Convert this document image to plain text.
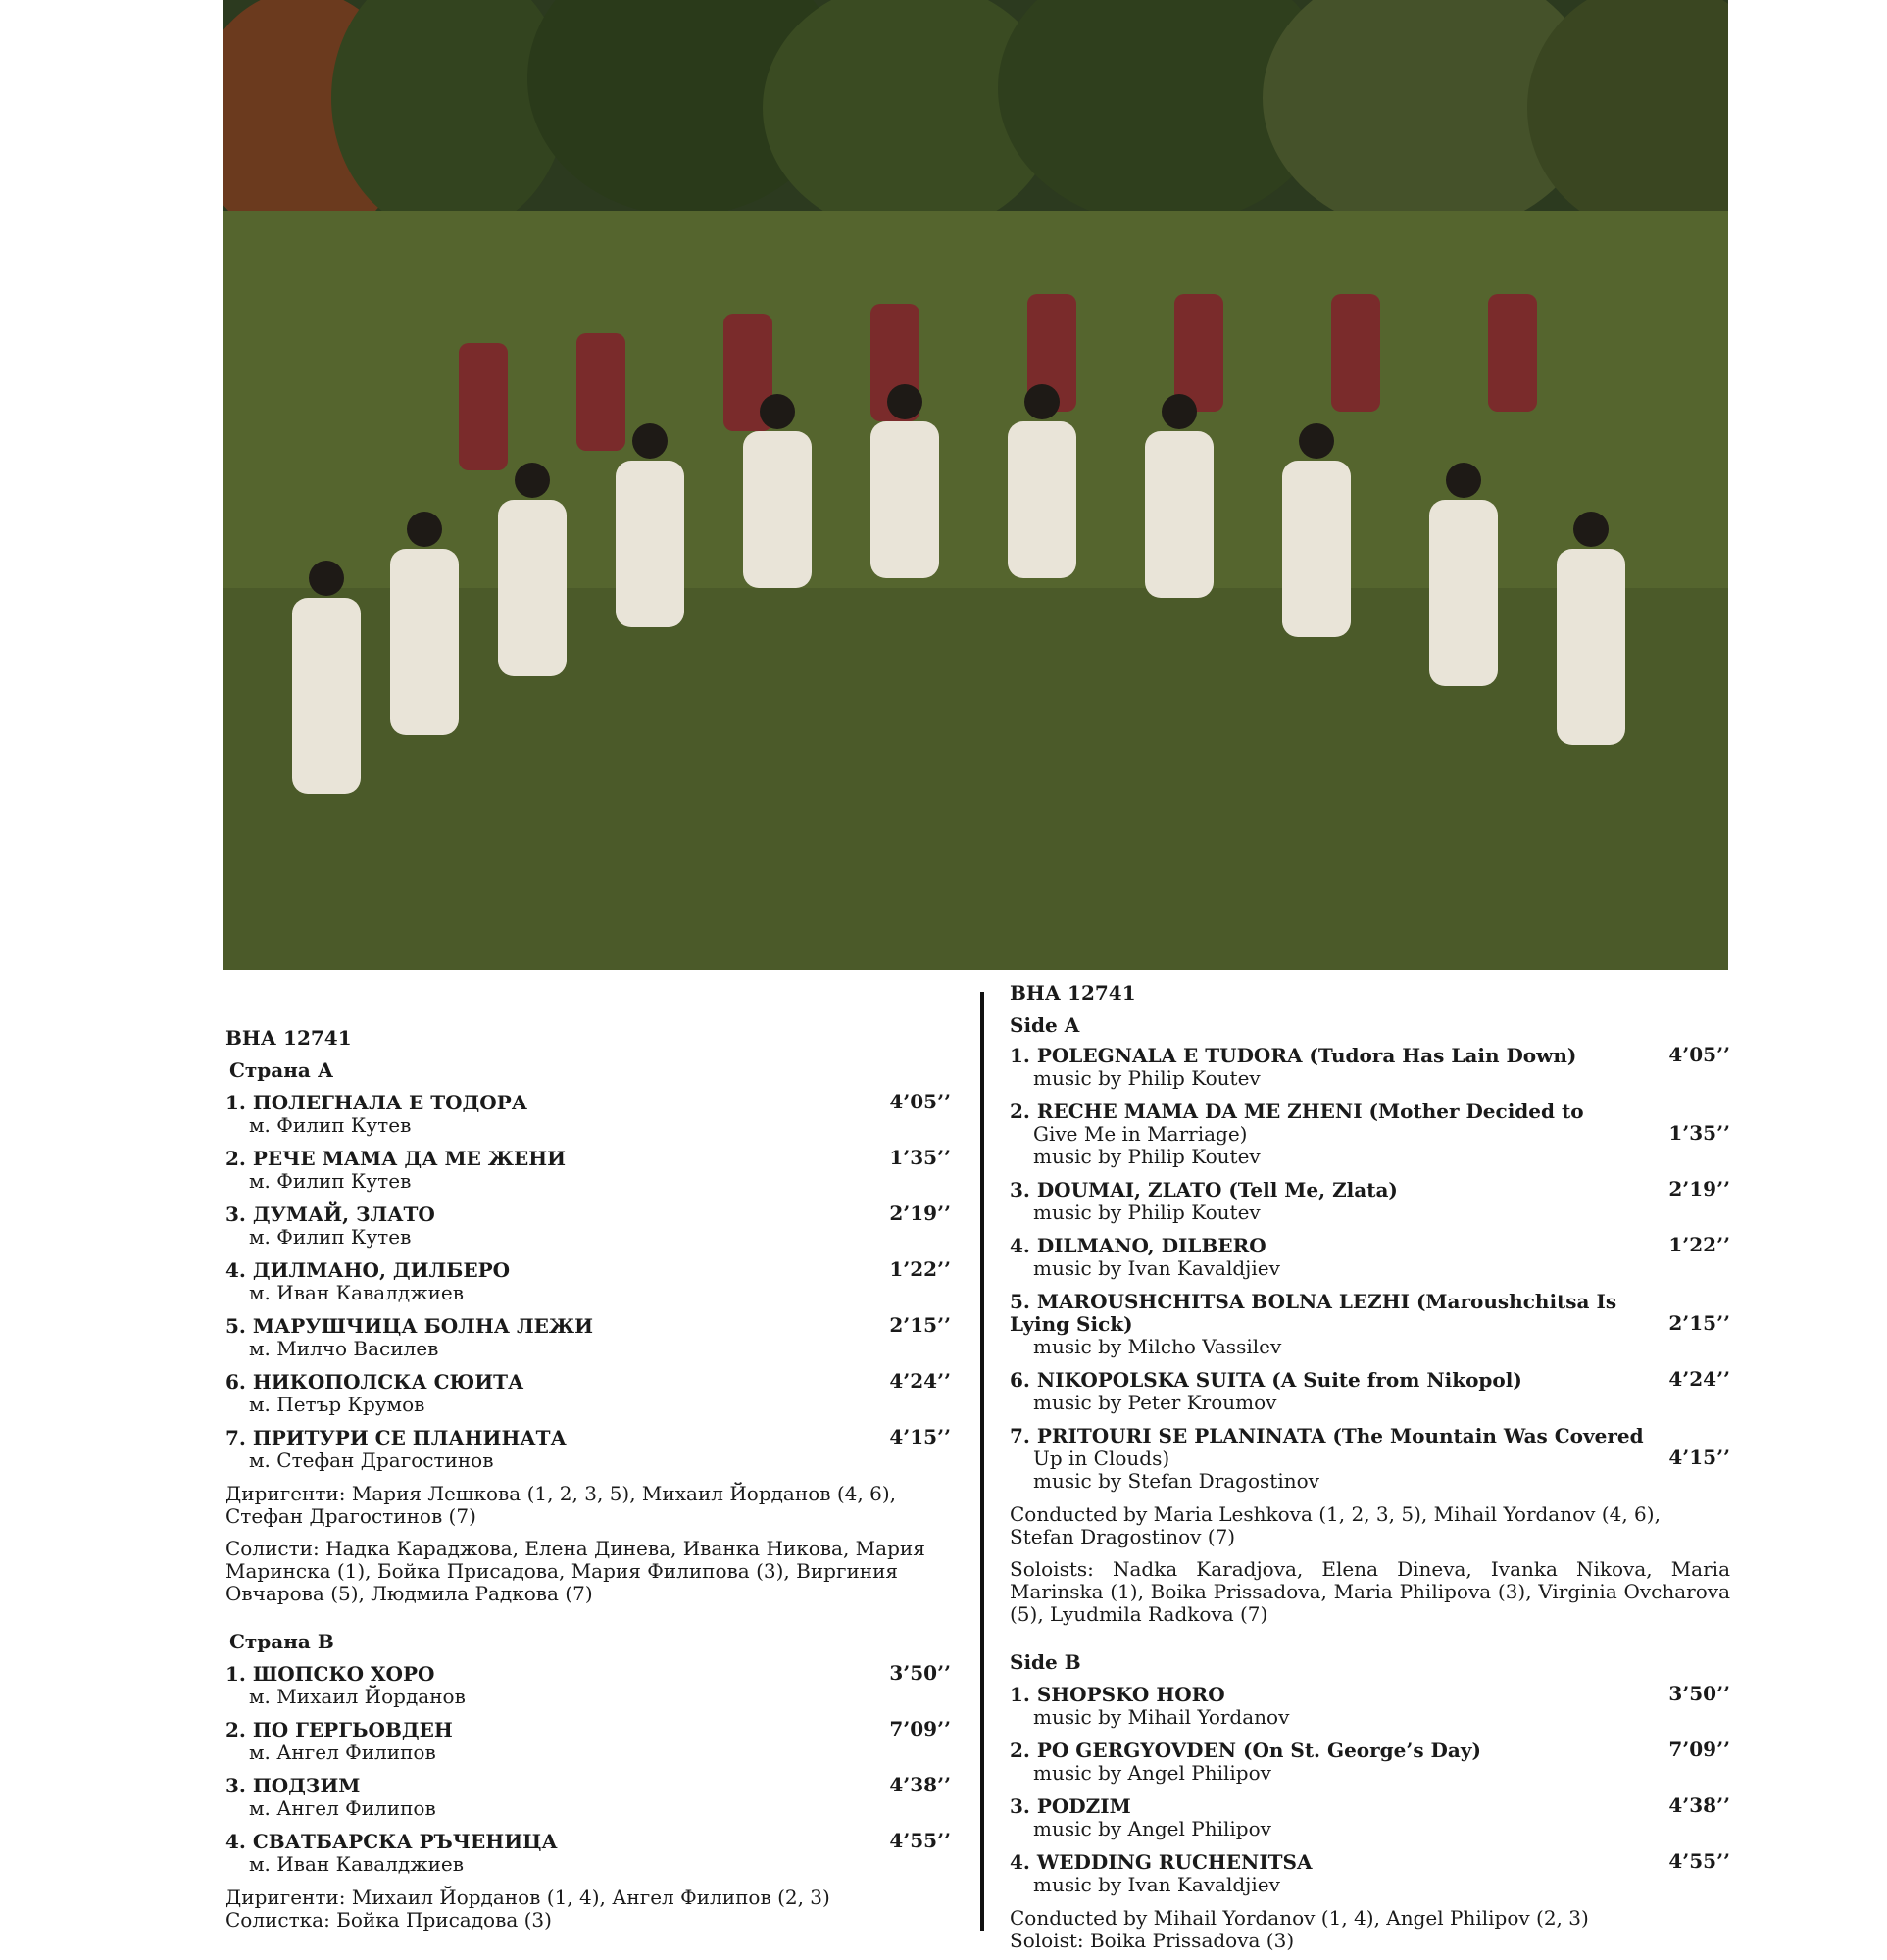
ВНА 12741
Страна А
1. ПОЛЕГНАЛА Е ТОДОРА
м. Филип Кутев
4’05’’
2. РЕЧЕ МАМА ДА МЕ ЖЕНИ
м. Филип Кутев
1’35’’
3. ДУМАЙ, ЗЛАТО
м. Филип Кутев
2’19’’
4. ДИЛМАНО, ДИЛБЕРО
м. Иван Кавалджиев
1’22’’
5. МАРУШЧИЦА БОЛНА ЛЕЖИ
м. Милчо Василев
2’15’’
6. НИКОПОЛСКА СЮИТА
м. Петър Крумов
4’24’’
7. ПРИТУРИ СЕ ПЛАНИНАТА
м. Стефан Драгостинов
4’15’’
Диригенти: Мария Лешкова (1, 2, 3, 5), Михаил Йорданов (4, 6), Стефан Драгостинов (7)
Солисти: Надка Караджова, Елена Динева, Иванка Никова, Мария Маринска (1), Бойка Присадова, Мария Филипова (3), Виргиния Овчарова (5), Людмила Радкова (7)
Страна В
1. ШОПСКО ХОРО
м. Михаил Йорданов
3’50’’
2. ПО ГЕРГЬОВДЕН
м. Ангел Филипов
7’09’’
3. ПОДЗИМ
м. Ангел Филипов
4’38’’
4. СВАТБАРСКА РЪЧЕНИЦА
м. Иван Кавалджиев
4’55’’
Диригенти: Михаил Йорданов (1, 4), Ангел Филипов (2, 3)
Солистка: Бойка Присадова (3)
ВНА 12741
Side A
1. POLEGNALA E TUDORA (Tudora Has Lain Down)
music by Philip Koutev
4’05’’
2. RECHE MAMA DA ME ZHENI (Mother Decided to
Give Me in Marriage)
music by Philip Koutev
1’35’’
3. DOUMAI, ZLATO (Tell Me, Zlata)
music by Philip Koutev
2’19’’
4. DILMANO, DILBERO
music by Ivan Kavaldjiev
1’22’’
5. MAROUSHCHITSA BOLNA LEZHI (Maroushchitsa Is Lying Sick)
music by Milcho Vassilev
2’15’’
6. NIKOPOLSKA SUITA (A Suite from Nikopol)
music by Peter Kroumov
4’24’’
7. PRITOURI SE PLANINATA (The Mountain Was Covered
Up in Clouds)
music by Stefan Dragostinov
4’15’’
Conducted by Maria Leshkova (1, 2, 3, 5), Mihail Yordanov (4, 6), Stefan Dragostinov (7)
Soloists: Nadka Karadjova, Elena Dineva, Ivanka Nikova, Maria Marinska (1), Boika Prissadova, Maria Philipova (3), Virginia Ovcharova (5), Lyudmila Radkova (7)
Side B
1. SHOPSKO HORO
music by Mihail Yordanov
3’50’’
2. PO GERGYOVDEN (On St. George’s Day)
music by Angel Philipov
7’09’’
3. PODZIM
music by Angel Philipov
4’38’’
4. WEDDING RUCHENITSA
music by Ivan Kavaldjiev
4’55’’
Conducted by Mihail Yordanov (1, 4), Angel Philipov (2, 3)
Soloist: Boika Prissadova (3)
